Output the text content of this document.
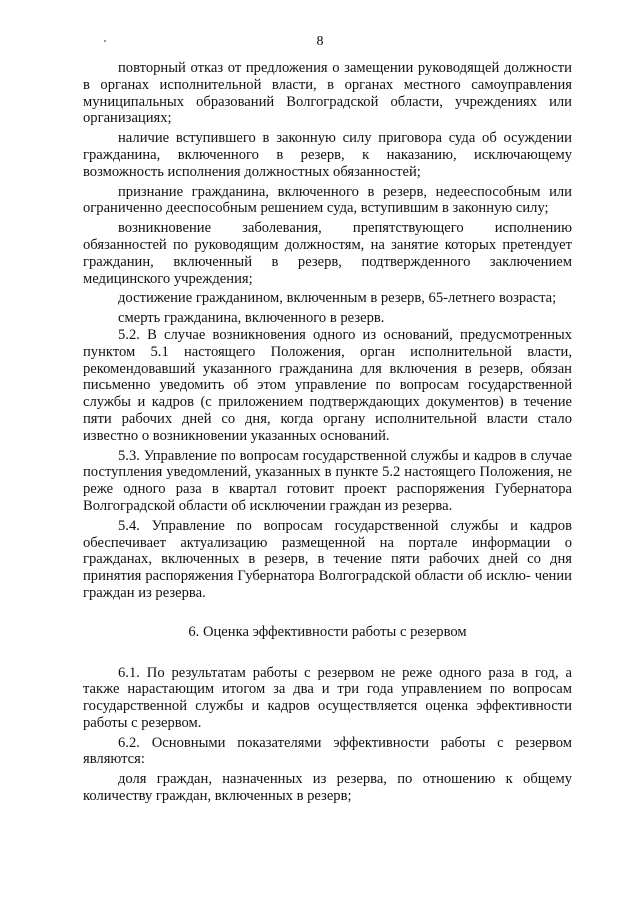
8

повторный отказ от предложения о замещении руководящей должности в органах исполнительной власти, в органах местного самоуправления муниципальных образований Волгоградской области, учреждениях или организациях;

наличие вступившего в законную силу приговора суда об осуждении гражданина, включенного в резерв, к наказанию, исключающему возможность исполнения должностных обязанностей;

признание гражданина, включенного в резерв, недееспособным или ограниченно дееспособным решением суда, вступившим в законную силу;

возникновение заболевания, препятствующего исполнению обязанностей по руководящим должностям, на занятие которых претендует гражданин, включенный в резерв, подтвержденного заключением медицинского учреждения;

достижение гражданином, включенным в резерв, 65-летнего возраста;

смерть гражданина, включенного в резерв.

5.2. В случае возникновения одного из оснований, предусмотренных пунктом 5.1 настоящего Положения, орган исполнительной власти, рекомендовавший указанного гражданина для включения в резерв, обязан письменно уведомить об этом управление по вопросам государственной службы и кадров (с приложением подтверждающих документов) в течение пяти рабочих дней со дня, когда органу исполнительной власти стало известно о возникновении указанных оснований.

5.3. Управление по вопросам государственной службы и кадров в случае поступления уведомлений, указанных в пункте 5.2 настоящего Положения, не реже одного раза в квартал готовит проект распоряжения Губернатора Волгоградской области об исключении граждан из резерва.

5.4. Управление по вопросам государственной службы и кадров обеспечивает актуализацию размещенной на портале информации о гражданах, включенных в резерв, в течение пяти рабочих дней со дня принятия распоряжения Губернатора Волгоградской области об исклю- чении граждан из резерва.

6. Оценка эффективности работы с резервом

6.1. По результатам работы с резервом не реже одного раза в год, а также нарастающим итогом за два и три года управлением по вопросам государственной службы и кадров осуществляется оценка эффективности работы с резервом.

6.2. Основными показателями эффективности работы с резервом являются:

доля граждан, назначенных из резерва, по отношению к общему количеству граждан, включенных в резерв;
